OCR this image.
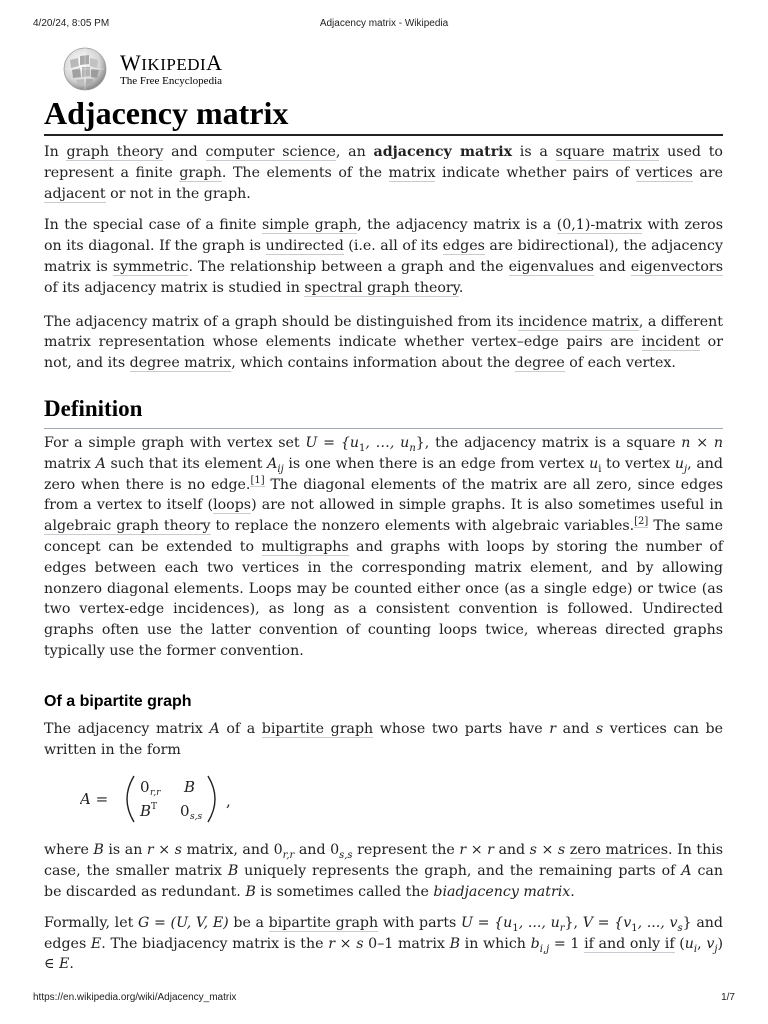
4/20/24, 8:05 PM	Adjacency matrix - Wikipedia
WIKIPEDIA
The Free Encyclopedia
Adjacency matrix

In graph theory and computer science, an adjacency matrix is a square matrix used to represent a finite graph. The elements of the matrix indicate whether pairs of vertices are adjacent or not in the graph.

In the special case of a finite simple graph, the adjacency matrix is a (0,1)-matrix with zeros on its diagonal. If the graph is undirected (i.e. all of its edges are bidirectional), the adjacency matrix is symmetric. The relationship between a graph and the eigenvalues and eigenvectors of its adjacency matrix is studied in spectral graph theory.

The adjacency matrix of a graph should be distinguished from its incidence matrix, a different matrix representation whose elements indicate whether vertex–edge pairs are incident or not, and its degree matrix, which contains information about the degree of each vertex.

Definition

For a simple graph with vertex set $U = \{u_1$, …, $u_n$}, the adjacency matrix is a square n × n matrix A such that its element $A_{ij}$ is one when there is an edge from vertex $u_i$ to vertex $u_j$, and zero when there is no edge.[1] The diagonal elements of the matrix are all zero, since edges from a vertex to itself (loops) are not allowed in simple graphs. It is also sometimes useful in algebraic graph theory to replace the nonzero elements with algebraic variables.[2] The same concept can be extended to multigraphs and graphs with loops by storing the number of edges between each two vertices in the corresponding matrix element, and by allowing nonzero diagonal elements. Loops may be counted either once (as a single edge) or twice (as two vertex-edge incidences), as long as a consistent convention is followed. Undirected graphs often use the latter convention of counting loops twice, whereas directed graphs typically use the former convention.

Of a bipartite graph

The adjacency matrix A of a bipartite graph whose two parts have r and s vertices can be written in the form

A =
0 r,r B
B T 0 s,s
,

where B is an r × s matrix, and $0_{r,r}$ and $0_{s,s}$ represent the r × r and s × s zero matrices. In this case, the smaller matrix B uniquely represents the graph, and the remaining parts of A can be discarded as redundant. B is sometimes called the biadjacency matrix.

Formally, let G = (U, V, E) be a bipartite graph with parts $U = \{u_1$, ..., $u_r$}, $V = \{v_1$, ..., $v_s$} and edges E. The biadjacency matrix is the r × s 0–1 matrix B in which $b_{i,j} = 1$ if and only if ($u_i$, $v_j$) ∈ E.

https://en.wikipedia.org/wiki/Adjacency_matrix	1/7
